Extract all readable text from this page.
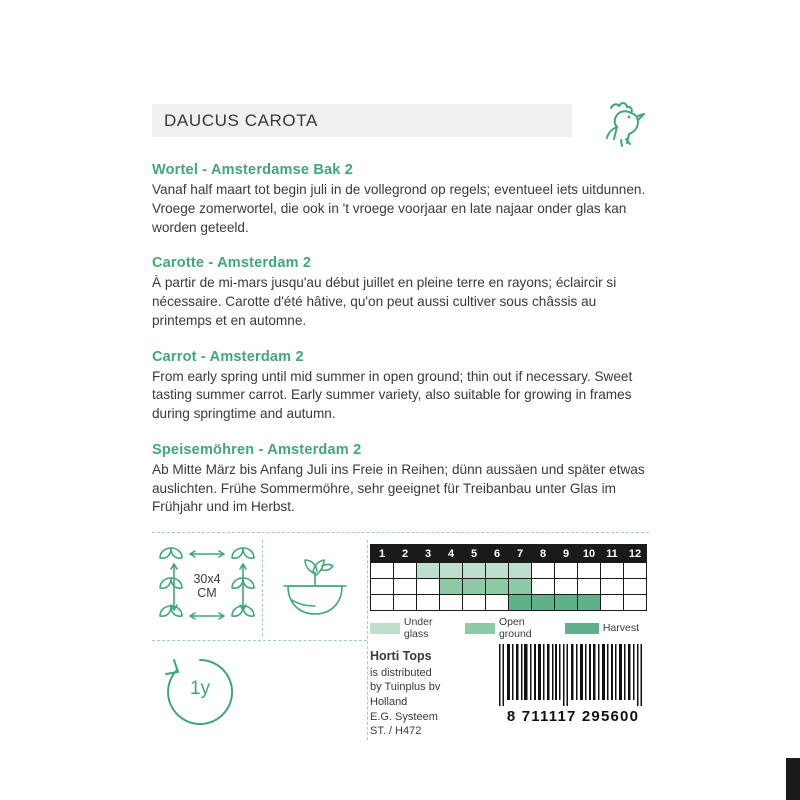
DAUCUS CAROTA

Wortel - Amsterdamse Bak 2

Vanaf half maart tot begin juli in de vollegrond op regels; eventueel iets uitdunnen. Vroege zomerwortel, die ook in 't vroege voorjaar en late najaar onder glas kan worden geteeld.

Carotte - Amsterdam 2

À partir de mi-mars jusqu'au début juillet en pleine terre en rayons; éclaircir si nécessaire. Carotte d'été hâtive, qu'on peut aussi cultiver sous châssis au printemps et en automne.

Carrot - Amsterdam 2

From early spring until mid summer in open ground; thin out if necessary. Sweet tasting summer carrot. Early summer variety, also suitable for growing in frames during springtime and autumn.

Speisemöhren - Amsterdam 2

Ab Mitte März bis Anfang Juli ins Freie in Reihen; dünn aussäen und später etwas auslichten. Frühe Sommermöhre, sehr geeignet für Treibanbau unter Glas im Frühjahr und im Herbst.

30x4
CM
1y
1	2	3	4	5	6	7	8	9	10	11	12

Under glass
Open ground	Harvest
Horti Tops
is distributed
by Tuinplus bv
Holland
E.G. Systeem
ST. / H472
8 711117 295600
